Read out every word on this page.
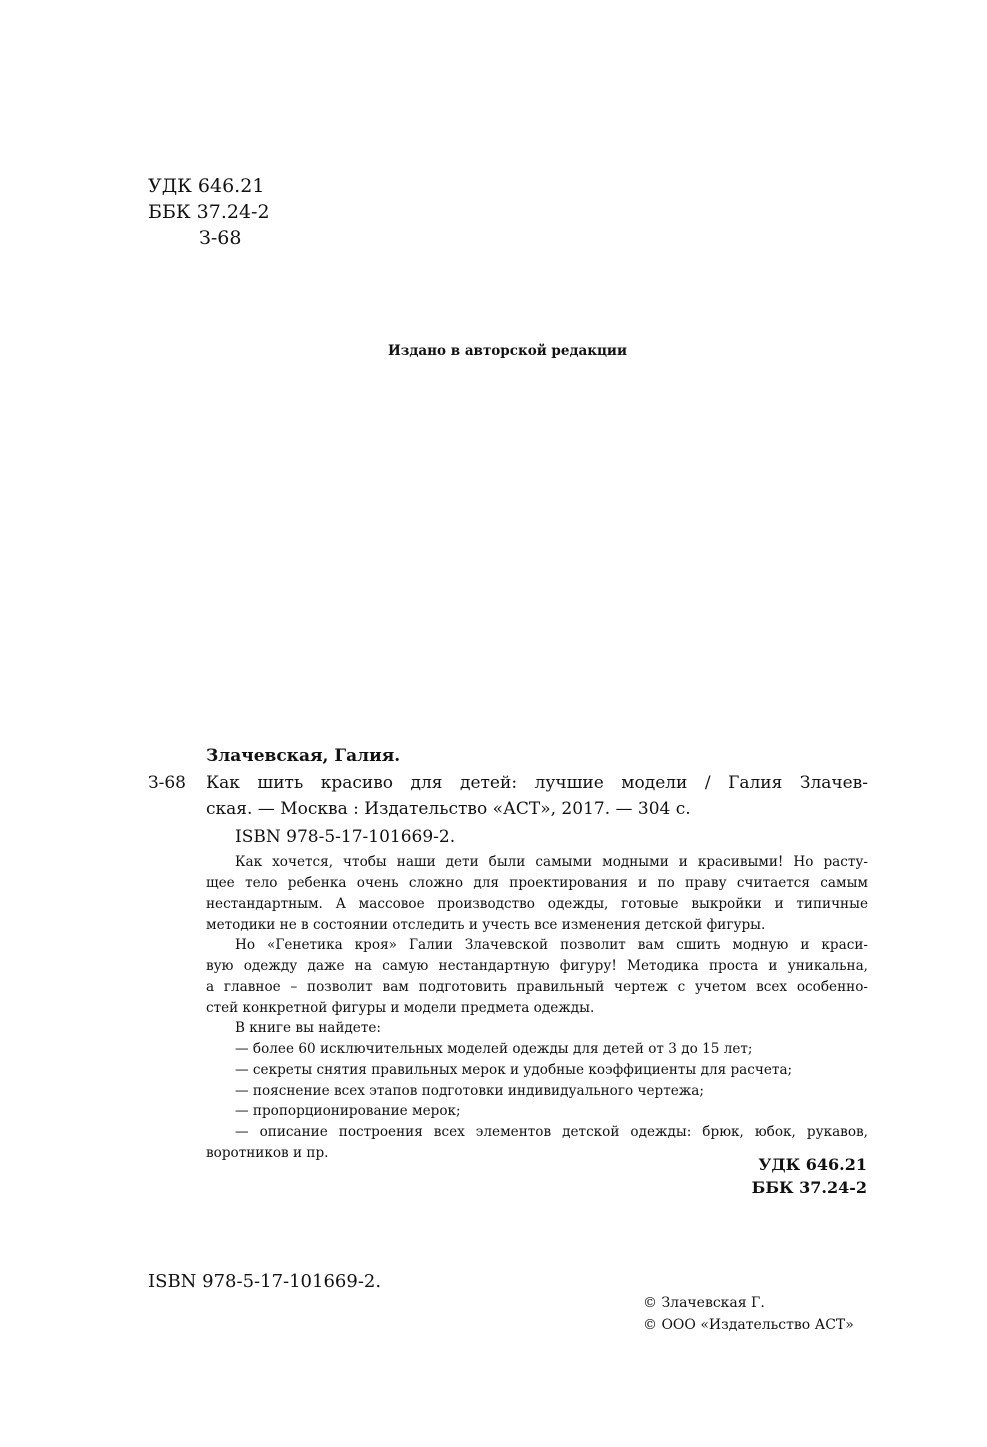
УДК 646.21
ББК 37.24-2
З-68
Издано в авторской редакции
Злачевская, Галия.
З-68 Как шить красиво для детей: лучшие модели / Галия Злачев-
ская. — Москва : Издательство «АСТ», 2017. — 304 с.
ISBN 978-5-17-101669-2.
Как хочется, чтобы наши дети были самыми модными и красивыми! Но расту-
щее тело ребенка очень сложно для проектирования и по праву считается самым
нестандартным. А массовое производство одежды, готовые выкройки и типичные
методики не в состоянии отследить и учесть все изменения детской фигуры.
Но «Генетика кроя» Галии Злачевской позволит вам сшить модную и краси-
вую одежду даже на самую нестандартную фигуру! Методика проста и уникальна,
а главное – позволит вам подготовить правильный чертеж с учетом всех особенно-
стей конкретной фигуры и модели предмета одежды.
В книге вы найдете:
— более 60 исключительных моделей одежды для детей от 3 до 15 лет;
— секреты снятия правильных мерок и удобные коэффициенты для расчета;
— пояснение всех этапов подготовки индивидуального чертежа;
— пропорционирование мерок;
— описание построения всех элементов детской одежды: брюк, юбок, рукавов,
воротников и пр.
УДК 646.21
ББК 37.24-2
ISBN 978-5-17-101669-2.
© Злачевская Г.
© ООО «Издательство АСТ»
